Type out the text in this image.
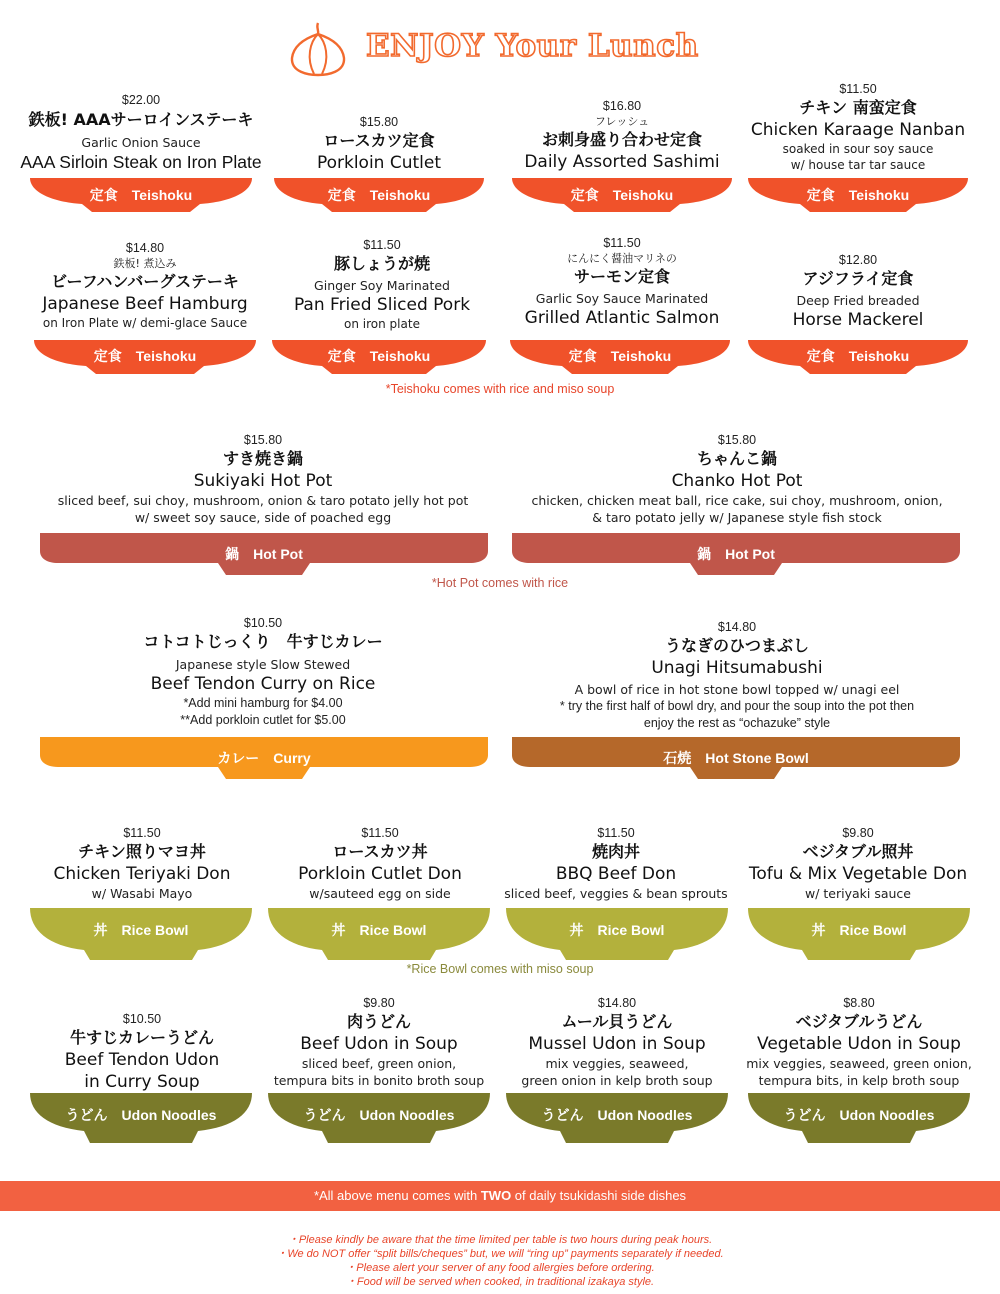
ENJOY Your Lunch
$22.00
鉄板! AAAサーロインステーキ
Garlic Onion Sauce
AAA Sirloin Steak on Iron Plate
$15.80
ロースカツ定食
Porkloin Cutlet
$16.80
フレッシュ
お刺身盛り合わせ定食
Daily Assorted Sashimi
$11.50
チキン 南蛮定食
Chicken Karaage Nanban
soaked in sour soy sauce
w/ house tar tar sauce
定食　Teishoku	定食　Teishoku	定食　Teishoku	定食　Teishoku
$14.80
鉄板! 煮込み
ビーフハンバーグステーキ
Japanese Beef Hamburg
on Iron Plate w/ demi-glace Sauce
$11.50
豚しょうが焼
Ginger Soy Marinated
Pan Fried Sliced Pork
on iron plate
$11.50
にんにく醤油マリネの
サーモン定食
Garlic Soy Sauce Marinated
Grilled Atlantic Salmon
$12.80
アジフライ定食
Deep Fried breaded
Horse Mackerel
定食　Teishoku	定食　Teishoku	定食　Teishoku	定食　Teishoku
*Teishoku comes with rice and miso soup
$15.80
すき焼き鍋
Sukiyaki Hot Pot
sliced beef, sui choy, mushroom, onion & taro potato jelly hot pot
w/ sweet soy sauce, side of poached egg
$15.80
ちゃんこ鍋
Chanko Hot Pot
chicken, chicken meat ball, rice cake, sui choy, mushroom, onion,
& taro potato jelly w/ Japanese style fish stock
鍋　Hot Pot	鍋　Hot Pot
*Hot Pot comes with rice
$10.50
コトコトじっくり　牛すじカレー
Japanese style Slow Stewed
Beef Tendon Curry on Rice
*Add mini hamburg for $4.00
**Add porkloin cutlet for $5.00
$14.80
うなぎのひつまぶし
Unagi Hitsumabushi
A bowl of rice in hot stone bowl topped w/ unagi eel
* try the first half of bowl dry, and pour the soup into the pot then
enjoy the rest as “ochazuke” style
カレー　Curry	石焼　Hot Stone Bowl
$11.50
チキン照りマヨ丼
Chicken Teriyaki Don
w/ Wasabi Mayo
$11.50
ロースカツ丼
Porkloin Cutlet Don
w/sauteed egg on side
$11.50
焼肉丼
BBQ Beef Don
sliced beef, veggies & bean sprouts
$9.80
ベジタブル照丼
Tofu & Mix Vegetable Don
w/ teriyaki sauce
丼　Rice Bowl	丼　Rice Bowl	丼　Rice Bowl	丼　Rice Bowl
*Rice Bowl comes with miso soup
$10.50
牛すじカレーうどん
Beef Tendon Udon
in Curry Soup
$9.80
肉うどん
Beef Udon in Soup
sliced beef, green onion,
tempura bits in bonito broth soup
$14.80
ムール貝うどん
Mussel Udon in Soup
mix veggies, seaweed,
green onion in kelp broth soup
$8.80
ベジタブルうどん
Vegetable Udon in Soup
mix veggies, seaweed, green onion,
tempura bits, in kelp broth soup
うどん　Udon Noodles	うどん　Udon Noodles	うどん　Udon Noodles	うどん　Udon Noodles
*All above menu comes with TWO of daily tsukidashi side dishes
・Please kindly be aware that the time limited per table is two hours during peak hours.
・We do NOT offer “split bills/cheques” but, we will “ring up” payments separately if needed.
・Please alert your server of any food allergies before ordering.
・Food will be served when cooked, in traditional izakaya style.
